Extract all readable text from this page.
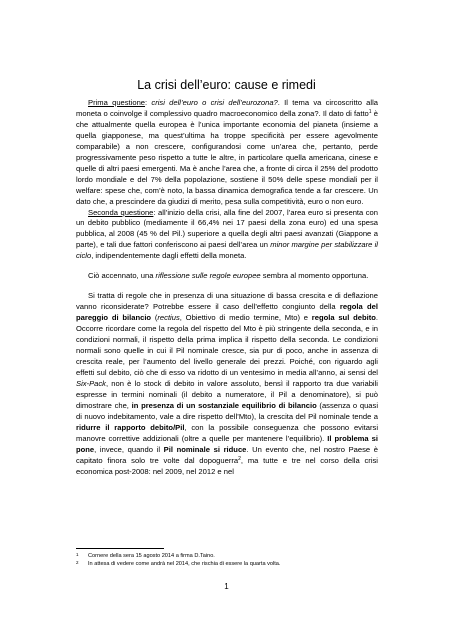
La crisi dell’euro: cause e rimedi

Prima questione: crisi dell’euro o crisi dell’eurozona?. Il tema va circoscritto alla moneta o coinvolge il complessivo quadro macroeconomico della zona?. Il dato di fatto$^1$ è che attualmente quella europea è l’unica importante economia del pianeta (insieme a quella giapponese, ma quest’ultima ha troppe specificità per essere agevolmente comparabile) a non crescere, configurandosi come un’area che, pertanto, perde progressivamente peso rispetto a tutte le altre, in particolare quella americana, cinese e quelle di altri paesi emergenti. Ma è anche l’area che, a fronte di circa il 25% del prodotto lordo mondiale e del 7% della popolazione, sostiene il 50% delle spese mondiali per il welfare: spese che, com’è noto, la bassa dinamica demografica tende a far crescere. Un dato che, a prescindere da giudizi di merito, pesa sulla competitività, euro o non euro.

Seconda questione: all’inizio della crisi, alla fine del 2007, l’area euro si presenta con un debito pubblico (mediamente il 66,4% nei 17 paesi della zona euro) ed una spesa pubblica, al 2008 (45 % del Pil.) superiore a quella degli altri paesi avanzati (Giappone a parte), e tali due fattori conferiscono ai paesi dell’area un minor margine per stabilizzare il ciclo, indipendentemente dagli effetti della moneta.

Ciò accennato, una riflessione sulle regole europee sembra al momento opportuna.

Si tratta di regole che in presenza di una situazione di bassa crescita e di deflazione vanno riconsiderate? Potrebbe essere il caso dell’effetto congiunto della regola del pareggio di bilancio (rectius, Obiettivo di medio termine, Mto) e regola sul debito. Occorre ricordare come la regola del rispetto del Mto è più stringente della seconda, e in condizioni normali, il rispetto della prima implica il rispetto della seconda. Le condizioni normali sono quelle in cui il Pil nominale cresce, sia pur di poco, anche in assenza di crescita reale, per l’aumento del livello generale dei prezzi. Poiché, con riguardo agli effetti sul debito, ciò che di esso va ridotto di un ventesimo in media all’anno, ai sensi del Six-Pack, non è lo stock di debito in valore assoluto, bensì il rapporto tra due variabili espresse in termini nominali (il debito a numeratore, il Pil a denominatore), si può dimostrare che, in presenza di un sostanziale equilibrio di bilancio (assenza o quasi di nuovo indebitamento, vale a dire rispetto dell’Mto), la crescita del Pil nominale tende a ridurre il rapporto debito/Pil, con la possibile conseguenza che possono evitarsi manovre correttive addizionali (oltre a quelle per mantenere l’equilibrio). Il problema si pone, invece, quando il Pil nominale si riduce. Un evento che, nel nostro Paese è capitato finora solo tre volte dal dopoguerra$^2$, ma tutte e tre nel corso della crisi economica post-2008: nel 2009, nel 2012 e nel

1	Cornere della sera 15 agosto 2014 a firma D.Taino.
2	In attesa di vedere come andrà nel 2014, che rischia di essere la quarta volta.
1
